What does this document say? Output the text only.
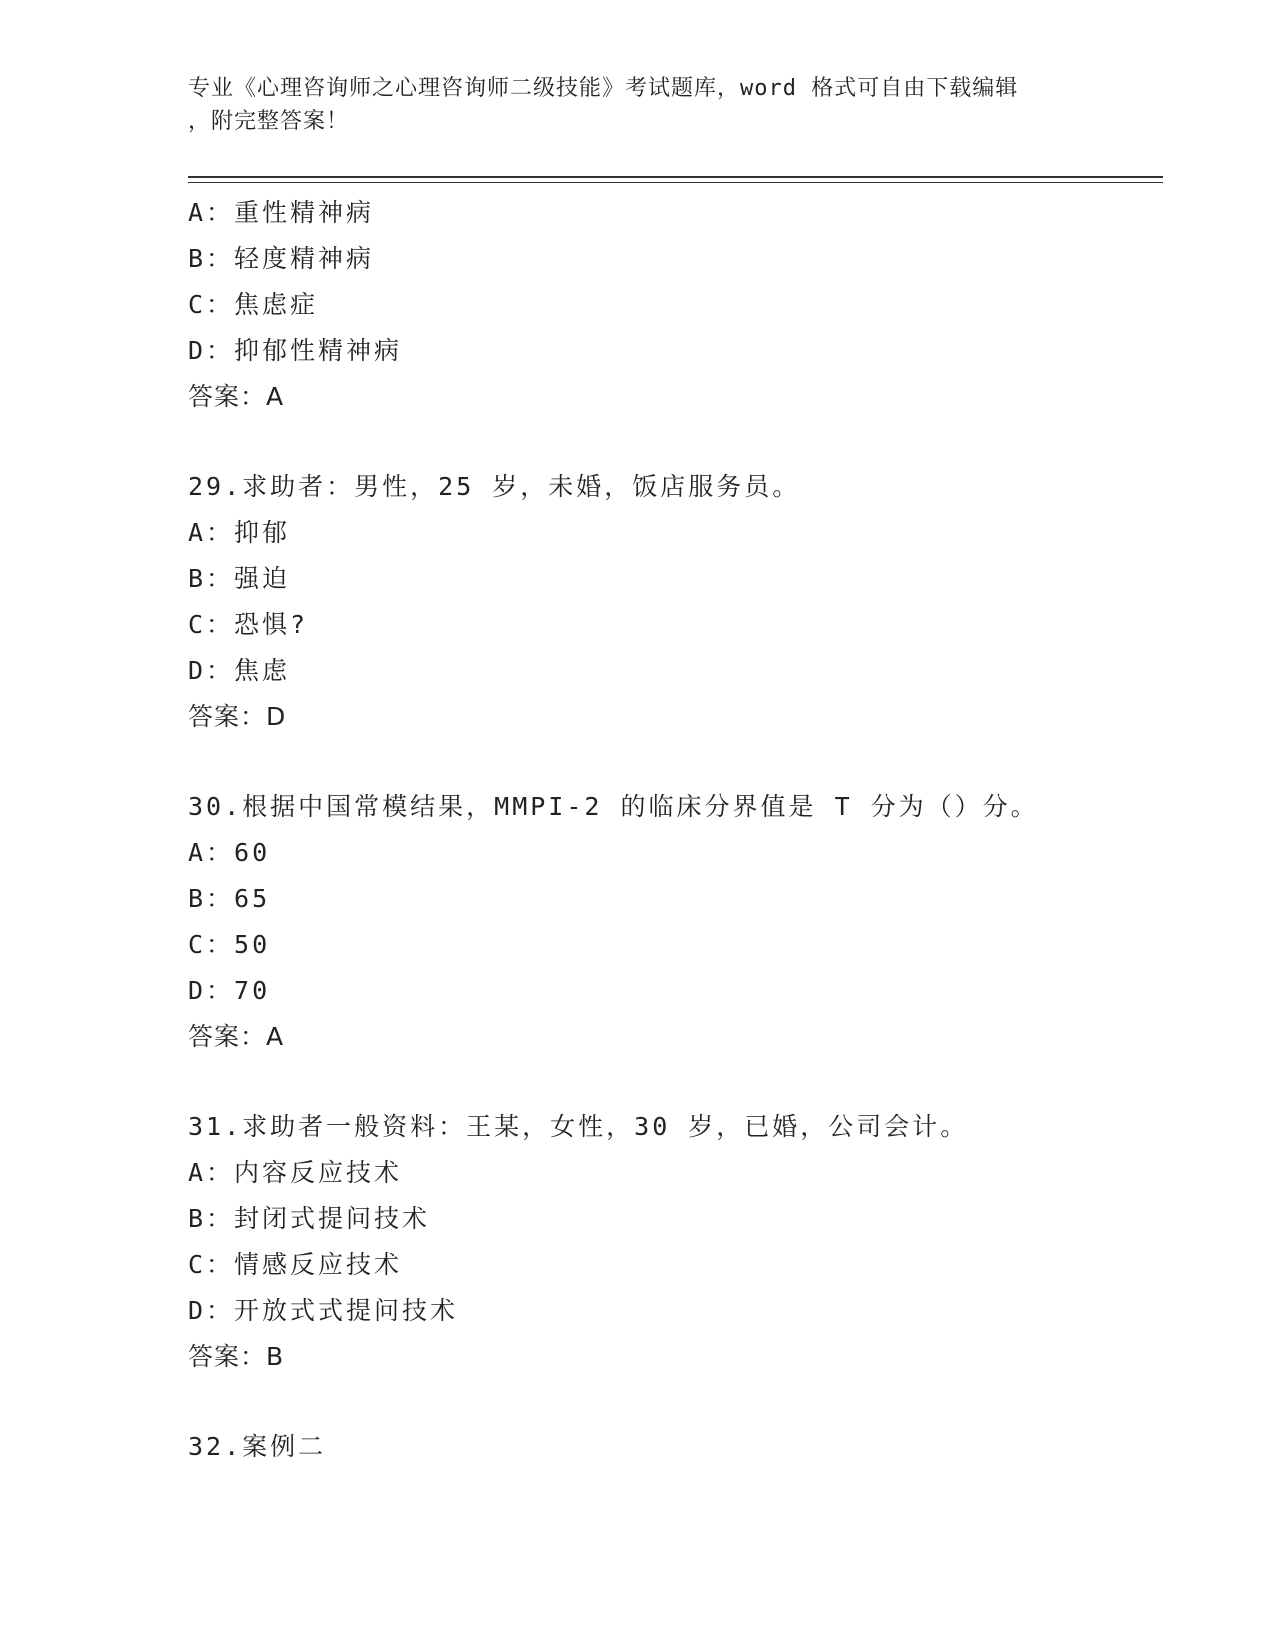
专业《心理咨询师之心理咨询师二级技能》考试题库，word 格式可自由下载编辑
，附完整答案！
A：重性精神病
B：轻度精神病
C：焦虑症
D：抑郁性精神病
答案：A
29.求助者：男性，25 岁，未婚，饭店服务员。
A：抑郁
B：强迫
C：恐惧?
D：焦虑
答案：D
30.根据中国常模结果，MMPI-2 的临床分界值是 T 分为（）分。
A：60
B：65
C：50
D：70
答案：A
31.求助者一般资料：王某，女性，30 岁，已婚，公司会计。
A：内容反应技术
B：封闭式提问技术
C：情感反应技术
D：开放式式提问技术
答案：B
32.案例二
